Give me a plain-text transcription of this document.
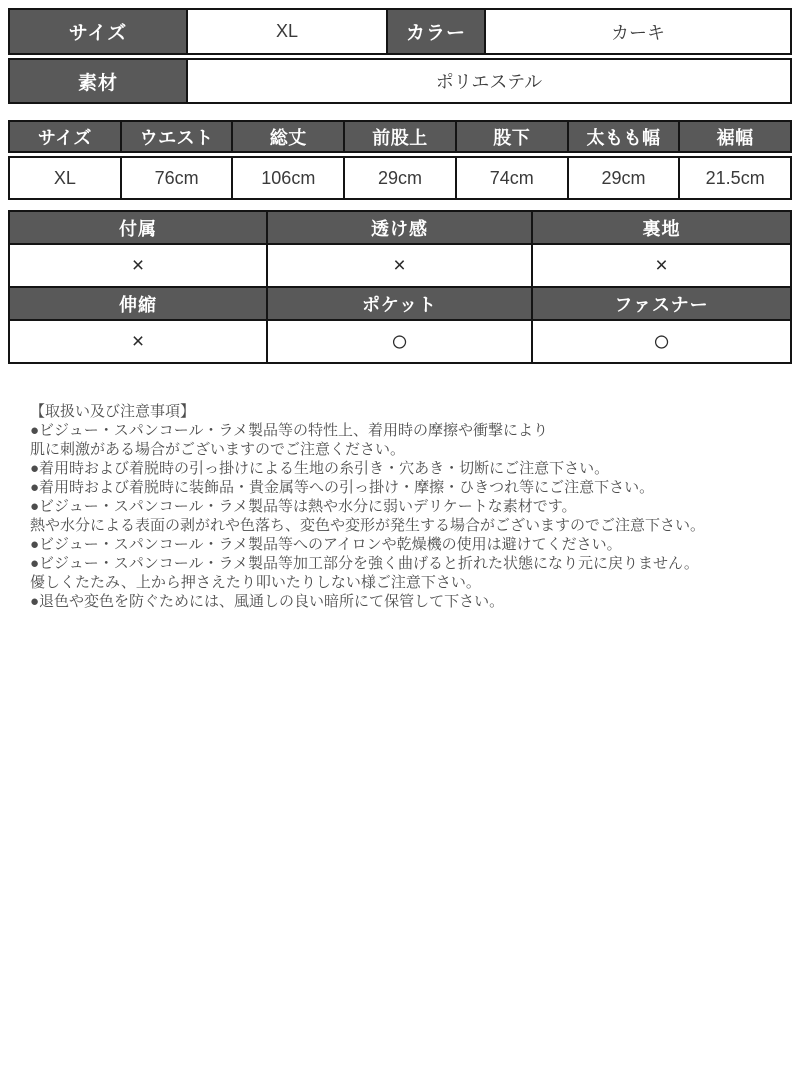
サイズ	XL	カラー	カーキ
素材	ポリエステル
サイズ	ウエスト	総丈	前股上	股下	太もも幅	裾幅
XL	76cm	106cm	29cm	74cm	29cm	21.5cm
付属	透け感	裏地
×	×	×
伸縮	ポケット	ファスナー
×	○	○
【取扱い及び注意事項】
●ビジュー・スパンコール・ラメ製品等の特性上、着用時の摩擦や衝撃により
肌に刺激がある場合がございますのでご注意ください。
●着用時および着脱時の引っ掛けによる生地の糸引き・穴あき・切断にご注意下さい。
●着用時および着脱時に装飾品・貴金属等への引っ掛け・摩擦・ひきつれ等にご注意下さい。
●ビジュー・スパンコール・ラメ製品等は熱や水分に弱いデリケートな素材です。
熱や水分による表面の剥がれや色落ち、変色や変形が発生する場合がございますのでご注意下さい。
●ビジュー・スパンコール・ラメ製品等へのアイロンや乾燥機の使用は避けてください。
●ビジュー・スパンコール・ラメ製品等加工部分を強く曲げると折れた状態になり元に戻りません。
優しくたたみ、上から押さえたり叩いたりしない様ご注意下さい。
●退色や変色を防ぐためには、風通しの良い暗所にて保管して下さい。
